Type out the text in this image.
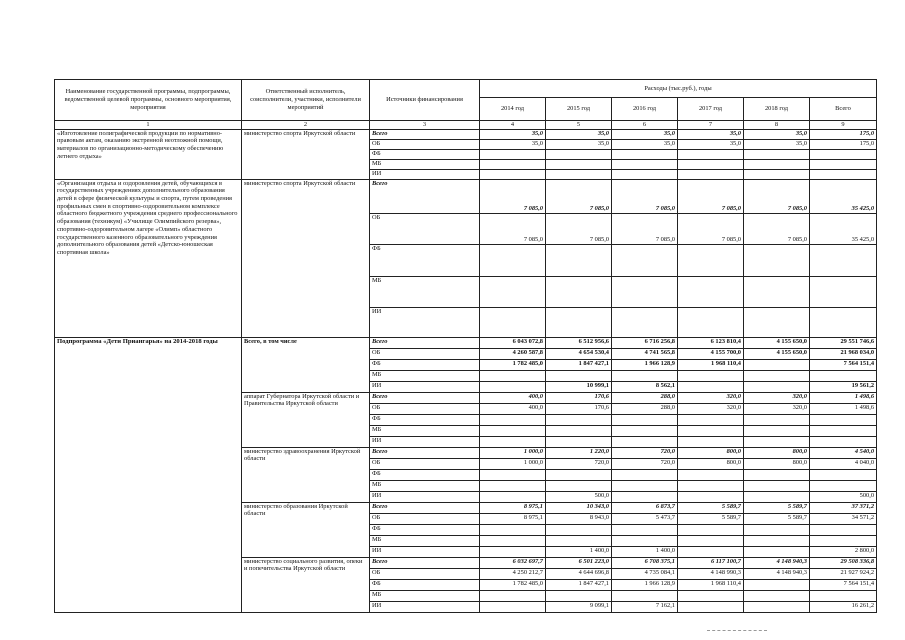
Наименование государственной программы, подпрограммы, ведомственной целевой программы, основного мероприятия, мероприятия	Ответственный исполнитель, соисполнители, участники, исполнители мероприятий	Источники финансирования	Расходы (тыс.руб.), годы					
			2014 год	2015 год	2016 год	2017 год	2018 год	Всего
1	2	3	4	5	6	7	8	9
«Изготовление полиграфической продукции по нормативно-правовым актам, оказанию экстренной неотложной помощи, материалов по организационно-методическому обеспечению летнего отдыха»	министерство спорта Иркутской области	Всего	35,0	35,0	35,0	35,0	35,0	175,0
		ОБ	35,0	35,0	35,0	35,0	35,0	175,0
		ФБ						
		МБ						
		ИИ						
«Организация отдыха и оздоровления детей, обучающихся в государственных учреждениях дополнительного образования детей в сфере физической культуры и спорта, путем проведения профильных смен в спортивно-оздоровительном комплексе областного бюджетного учреждения среднего профессионального образования (техникум) «Училище Олимпийского резерва», спортивно-оздоровительном лагере «Олимп» областного государственного казенного образовательного учреждения дополнительного образования детей «Детско-юношеская спортивная школа»	министерство спорта Иркутской области	Всего	7 085,0	7 085,0	7 085,0	7 085,0	7 085,0	35 425,0
		ОБ	7 085,0	7 085,0	7 085,0	7 085,0	7 085,0	35 425,0
		ФБ						
		МБ						
		ИИ						
Подпрограмма «Дети Приангарья» на 2014-2018 годы	Всего, в том числе	Всего	6 043 072,8	6 512 956,6	6 716 256,8	6 123 810,4	4 155 650,0	29 551 746,6
		ОБ	4 260 587,8	4 654 530,4	4 741 565,8	4 155 700,0	4 155 650,0	21 968 034,0
		ФБ	1 782 485,0	1 847 427,1	1 966 128,9	1 968 110,4		7 564 151,4
		МБ						
		ИИ		10 999,1	8 562,1			19 561,2
	аппарат Губернатора Иркутской области и Правительства Иркутской области	Всего	400,0	170,6	288,0	320,0	320,0	1 498,6
		ОБ	400,0	170,6	288,0	320,0	320,0	1 498,6
		ФБ						
		МБ						
		ИИ						
	министерство здравоохранения Иркутской области	Всего	1 000,0	1 220,0	720,0	800,0	800,0	4 540,0
		ОБ	1 000,0	720,0	720,0	800,0	800,0	4 040,0
		ФБ						
		МБ						
		ИИ		500,0				500,0
	министерство образования Иркутской области	Всего	8 975,1	10 343,0	6 873,7	5 589,7	5 589,7	37 371,2
		ОБ	8 975,1	8 943,0	5 473,7	5 589,7	5 589,7	34 571,2
		ФБ						
		МБ						
		ИИ		1 400,0	1 400,0			2 800,0
	министерство социального развития, опеки и попечительства Иркутской области	Всего	6 032 697,7	6 501 223,0	6 708 375,1	6 117 100,7	4 148 940,3	29 508 336,8
		ОБ	4 250 212,7	4 644 696,8	4 735 084,1	4 148 990,3	4 148 940,3	21 927 924,2
		ФБ	1 782 485,0	1 847 427,1	1 966 128,9	1 968 110,4		7 564 151,4
		МБ						
		ИИ		9 099,1	7 162,1			16 261,2
